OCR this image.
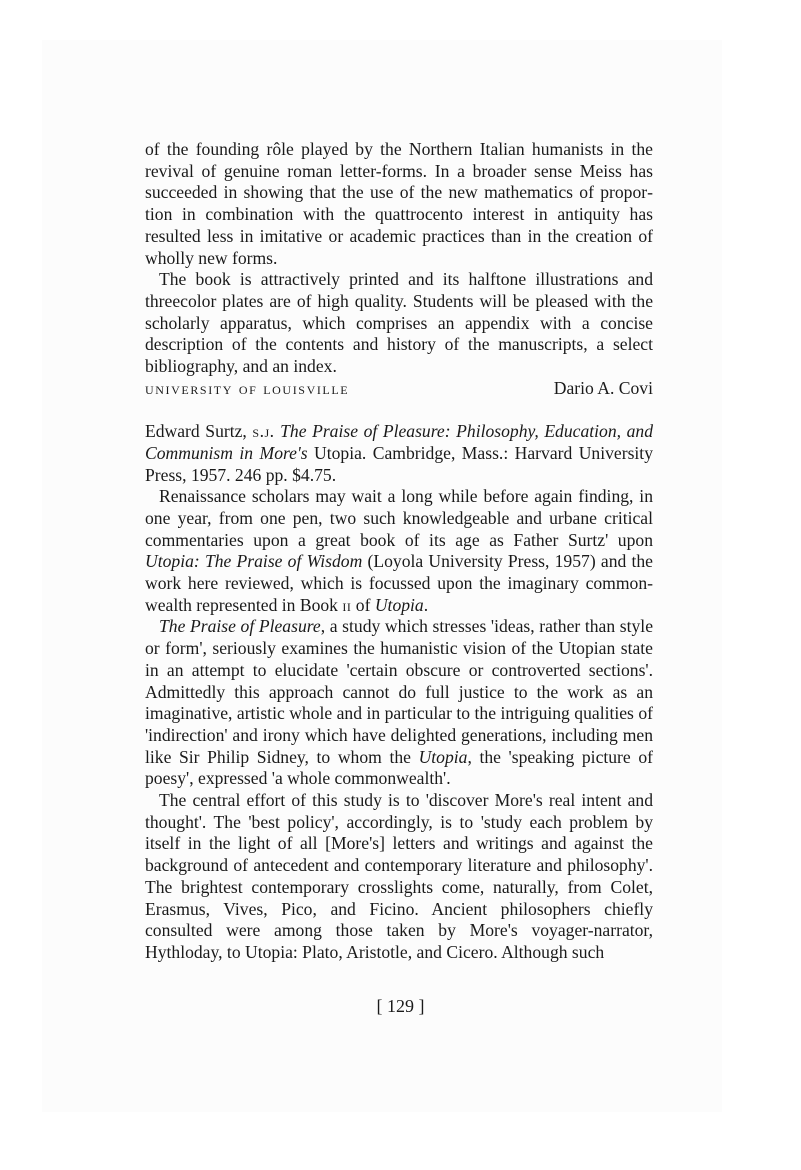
of the founding rôle played by the Northern Italian humanists in the revival of genuine roman letter-forms. In a broader sense Meiss has succeeded in showing that the use of the new mathematics of proportion in combination with the quattrocento interest in antiquity has resulted less in imitative or academic practices than in the creation of wholly new forms.

The book is attractively printed and its halftone illustrations and threecolor plates are of high quality. Students will be pleased with the scholarly apparatus, which comprises an appendix with a concise description of the contents and history of the manuscripts, a select bibliography, and an index.

university of louisville	Dario A. Covi

Edward Surtz, s.j. The Praise of Pleasure: Philosophy, Education, and Communism in More's Utopia. Cambridge, Mass.: Harvard University Press, 1957. 246 pp. $4.75.

Renaissance scholars may wait a long while before again finding, in one year, from one pen, two such knowledgeable and urbane critical commentaries upon a great book of its age as Father Surtz' upon Utopia: The Praise of Wisdom (Loyola University Press, 1957) and the work here reviewed, which is focussed upon the imaginary commonwealth represented in Book ii of Utopia.

The Praise of Pleasure, a study which stresses 'ideas, rather than style or form', seriously examines the humanistic vision of the Utopian state in an attempt to elucidate 'certain obscure or controverted sections'. Admittedly this approach cannot do full justice to the work as an imaginative, artistic whole and in particular to the intriguing qualities of 'indirection' and irony which have delighted generations, including men like Sir Philip Sidney, to whom the Utopia, the 'speaking picture of poesy', expressed 'a whole commonwealth'.

The central effort of this study is to 'discover More's real intent and thought'. The 'best policy', accordingly, is to 'study each problem by itself in the light of all [More's] letters and writings and against the background of antecedent and contemporary literature and philosophy'. The brightest contemporary crosslights come, naturally, from Colet, Erasmus, Vives, Pico, and Ficino. Ancient philosophers chiefly consulted were among those taken by More's voyager-narrator, Hythloday, to Utopia: Plato, Aristotle, and Cicero. Although such

[ 129 ]
